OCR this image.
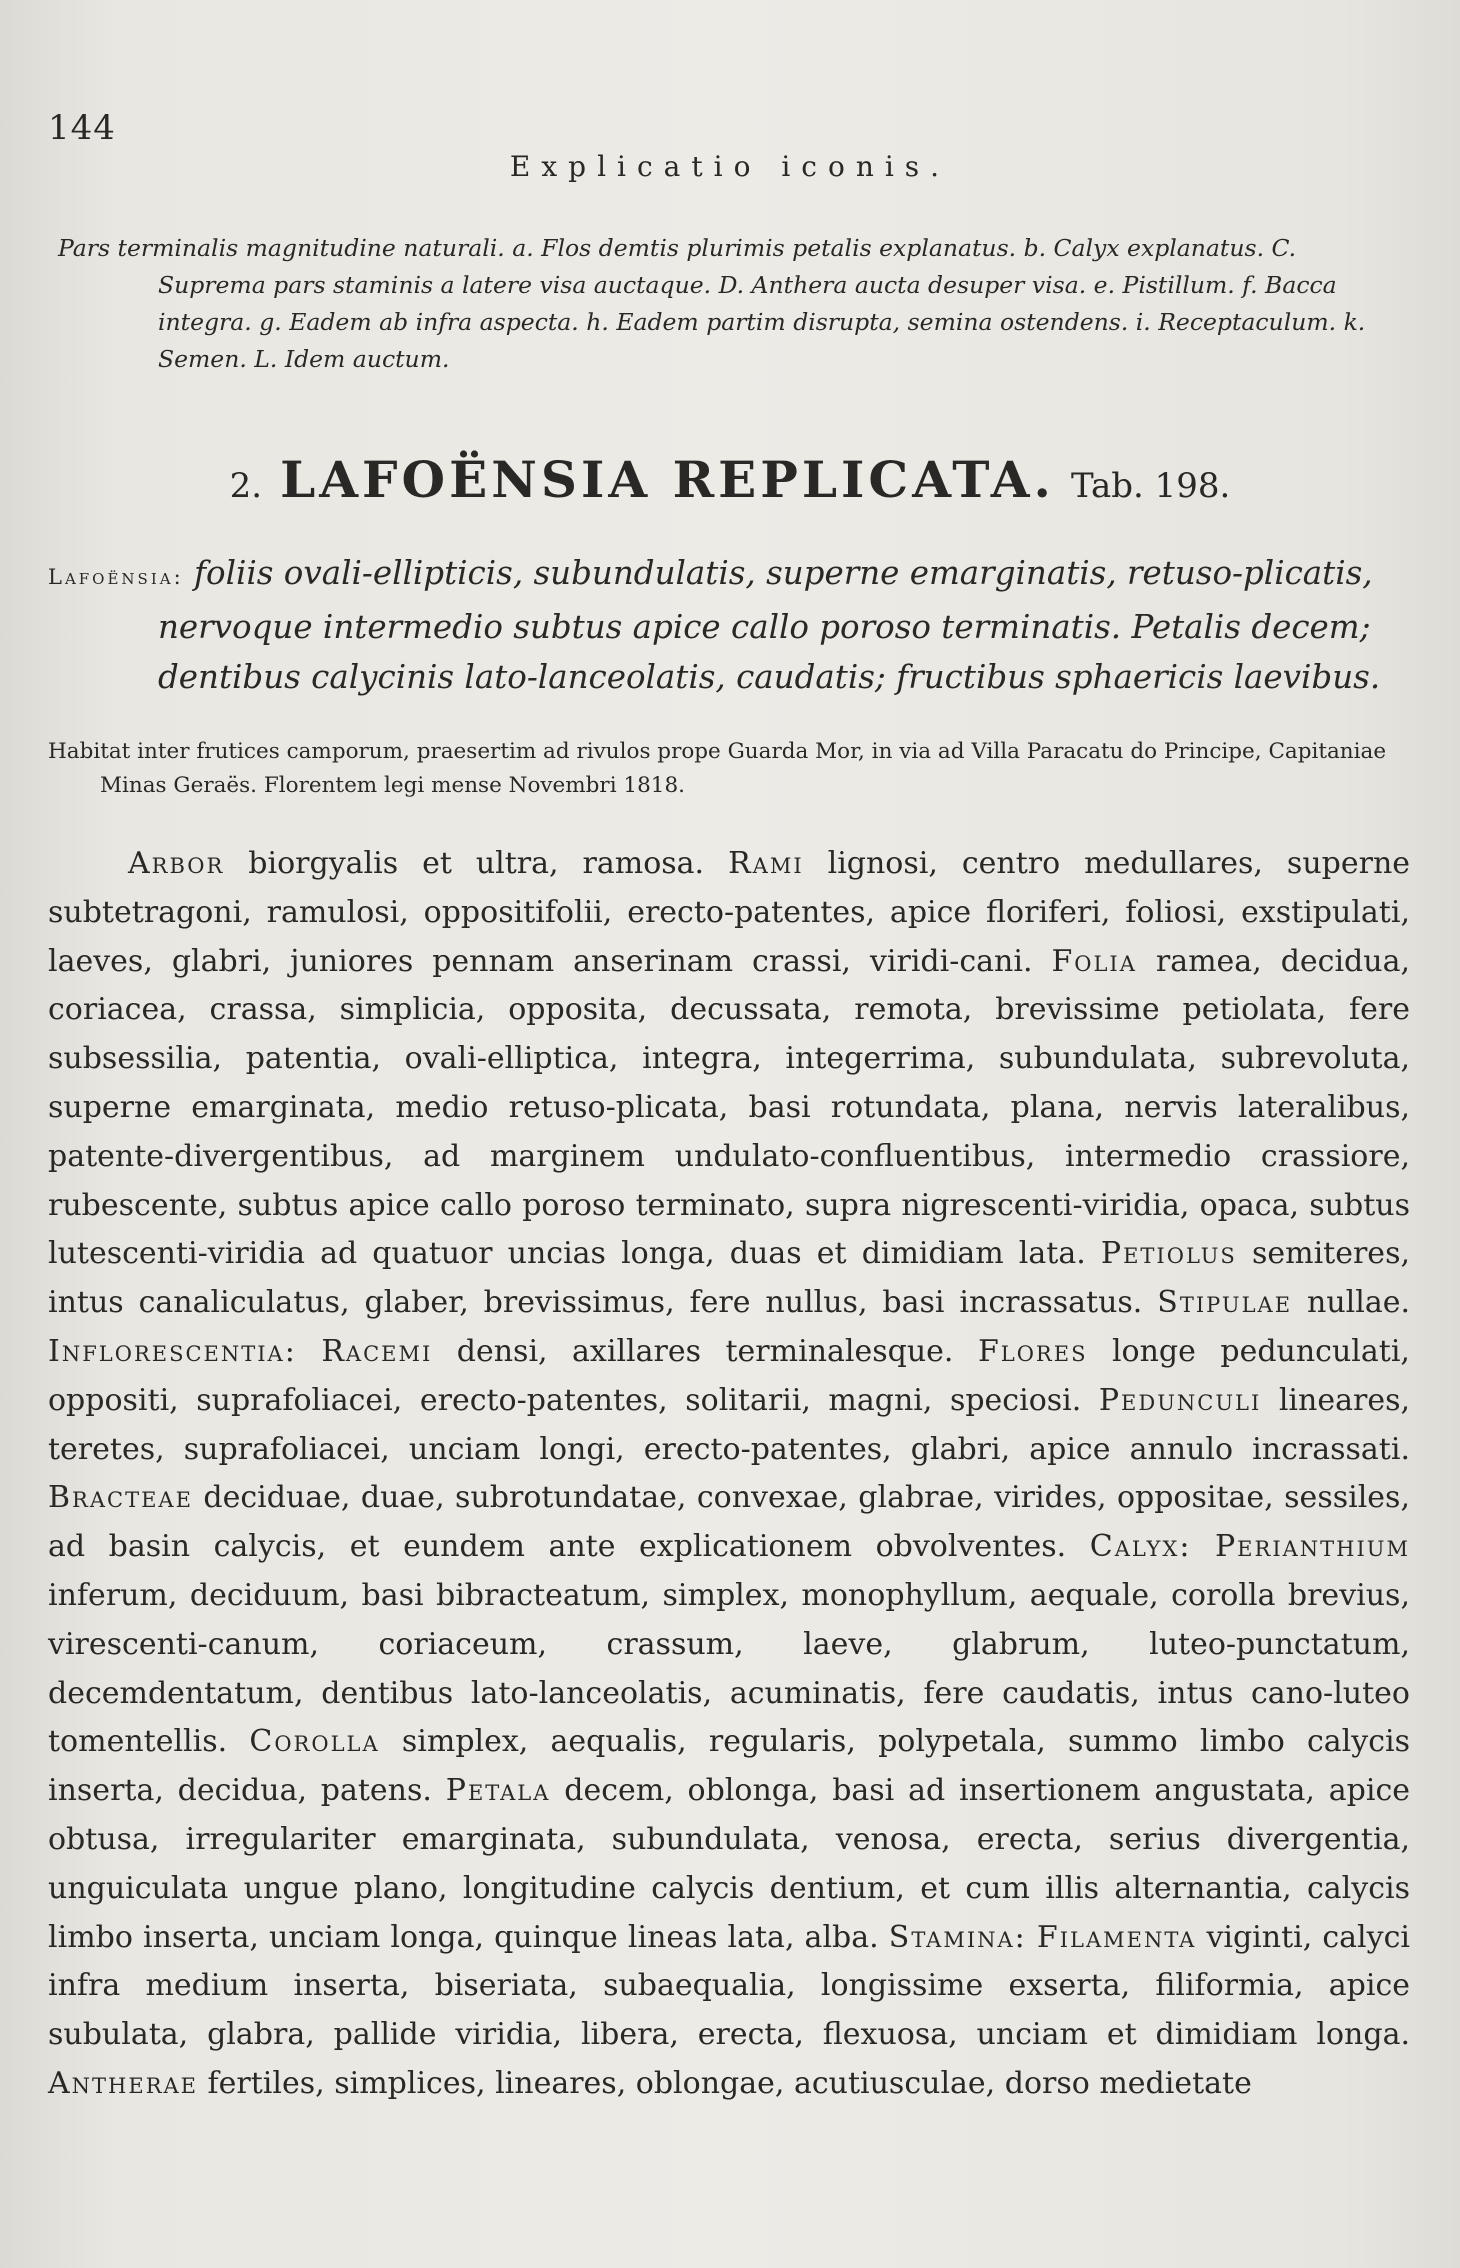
144
Explicatio iconis.
Pars terminalis magnitudine naturali. a. Flos demtis plurimis petalis explanatus. b. Calyx explanatus. C. Suprema pars staminis a latere visa auctaque. D. Anthera aucta desuper visa. e. Pistillum. f. Bacca integra. g. Eadem ab infra aspecta. h. Eadem partim disrupta, semina ostendens. i. Receptaculum. k. Semen. L. Idem auctum.
2. LAFOËNSIA REPLICATA. Tab. 198.
Lafoënsia: foliis ovali-ellipticis, subundulatis, superne emarginatis, retuso-plicatis, nervoque intermedio subtus apice callo poroso terminatis. Petalis decem; dentibus calycinis lato-lanceolatis, caudatis; fructibus sphaericis laevibus.
Habitat inter frutices camporum, praesertim ad rivulos prope Guarda Mor, in via ad Villa Paracatu do Principe, Capitaniae Minas Geraës. Florentem legi mense Novembri 1818.
Arbor biorgyalis et ultra, ramosa. Rami lignosi, centro medullares, superne subtetragoni, ramulosi, oppositifolii, erecto-patentes, apice floriferi, foliosi, exstipulati, laeves, glabri, juniores pennam anserinam crassi, viridi-cani. Folia ramea, decidua, coriacea, crassa, simplicia, opposita, decussata, remota, brevissime petiolata, fere subsessilia, patentia, ovali-elliptica, integra, integerrima, subundulata, subrevoluta, superne emarginata, medio retuso-plicata, basi rotundata, plana, nervis lateralibus, patente-divergentibus, ad marginem undulato-confluentibus, intermedio crassiore, rubescente, subtus apice callo poroso terminato, supra nigrescenti-viridia, opaca, subtus lutescenti-viridia ad quatuor uncias longa, duas et dimidiam lata. Petiolus semiteres, intus canaliculatus, glaber, brevissimus, fere nullus, basi incrassatus. Stipulae nullae. Inflorescentia: Racemi densi, axillares terminalesque. Flores longe pedunculati, oppositi, suprafoliacei, erecto-patentes, solitarii, magni, speciosi. Pedunculi lineares, teretes, suprafoliacei, unciam longi, erecto-patentes, glabri, apice annulo incrassati. Bracteae deciduae, duae, subrotundatae, convexae, glabrae, virides, oppositae, sessiles, ad basin calycis, et eundem ante explicationem obvolventes. Calyx: Perianthium inferum, deciduum, basi bibracteatum, simplex, monophyllum, aequale, corolla brevius, virescenti-canum, coriaceum, crassum, laeve, glabrum, luteo-punctatum, decemdentatum, dentibus lato-lanceolatis, acuminatis, fere caudatis, intus cano-luteo tomentellis. Corolla simplex, aequalis, regularis, polypetala, summo limbo calycis inserta, decidua, patens. Petala decem, oblonga, basi ad insertionem angustata, apice obtusa, irregulariter emarginata, subundulata, venosa, erecta, serius divergentia, unguiculata ungue plano, longitudine calycis dentium, et cum illis alternantia, calycis limbo inserta, unciam longa, quinque lineas lata, alba. Stamina: Filamenta viginti, calyci infra medium inserta, biseriata, subaequalia, longissime exserta, filiformia, apice subulata, glabra, pallide viridia, libera, erecta, flexuosa, unciam et dimidiam longa. Antherae fertiles, simplices, lineares, oblongae, acutiusculae, dorso medietate
